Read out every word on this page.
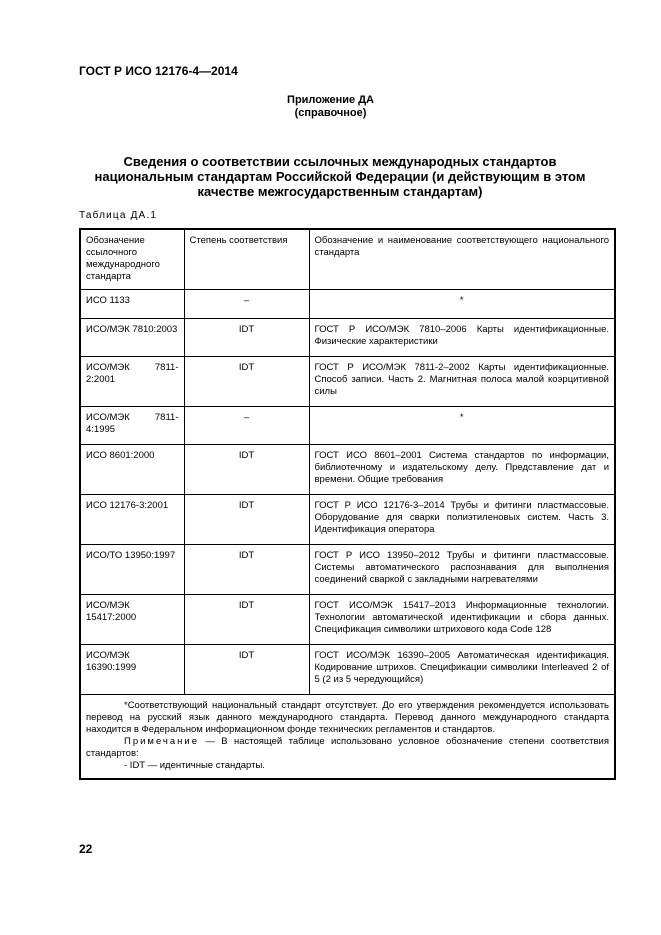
ГОСТ Р ИСО 12176-4—2014
Приложение ДА
(справочное)
Сведения о соответствии ссылочных международных стандартов
национальным стандартам Российской Федерации (и действующим в этом
качестве межгосударственным стандартам)
Таблица ДА.1
Обозначение ссылочного международного стандарта	Степень соответствия	Обозначение и наименование соответствующего национального стандарта
ИСО 1133	–	*
ИСО/МЭК 7810:2003	IDT	ГОСТ Р ИСО/МЭК 7810–2006 Карты идентификационные. Физические характеристики
ИСО/МЭК 7811-2:2001	IDT	ГОСТ Р ИСО/МЭК 7811-2–2002 Карты идентификационные. Способ записи. Часть 2. Магнитная полоса малой коэрцитивной силы
ИСО/МЭК 7811-4:1995	–	*
ИСО 8601:2000	IDT	ГОСТ ИСО 8601–2001 Система стандартов по информации, библиотечному и издательскому делу. Представление дат и времени. Общие требования
ИСО 12176-3:2001	IDT	ГОСТ Р ИСО 12176-3–2014 Трубы и фитинги пластмассовые. Оборудование для сварки полиэтиленовых систем. Часть 3. Идентификация оператора
ИСО/ТО 13950:1997	IDT	ГОСТ Р ИСО 13950–2012 Трубы и фитинги пластмассовые. Системы автоматического распознавания для выполнения соединений сваркой с закладными нагревателями
ИСО/МЭК 15417:2000	IDT	ГОСТ ИСО/МЭК 15417–2013 Информационные технологии. Технологии автоматической идентификации и сбора данных. Спецификация символики штрихового кода Code 128
ИСО/МЭК 16390:1999	IDT	ГОСТ ИСО/МЭК 16390–2005 Автоматическая идентификация. Кодирование штрихов. Спецификации символики Interleaved 2 of 5 (2 из 5 чередующийся)

*Соответствующий национальный стандарт отсутствует. До его утверждения рекомендуется использовать перевод на русский язык данного международного стандарта. Перевод данного международного стандарта находится в Федеральном информационном фонде технических регламентов и стандартов.

Примечание — В настоящей таблице использовано условное обозначение степени соответствия стандартов:

- IDT — идентичные стандарты.		

22
